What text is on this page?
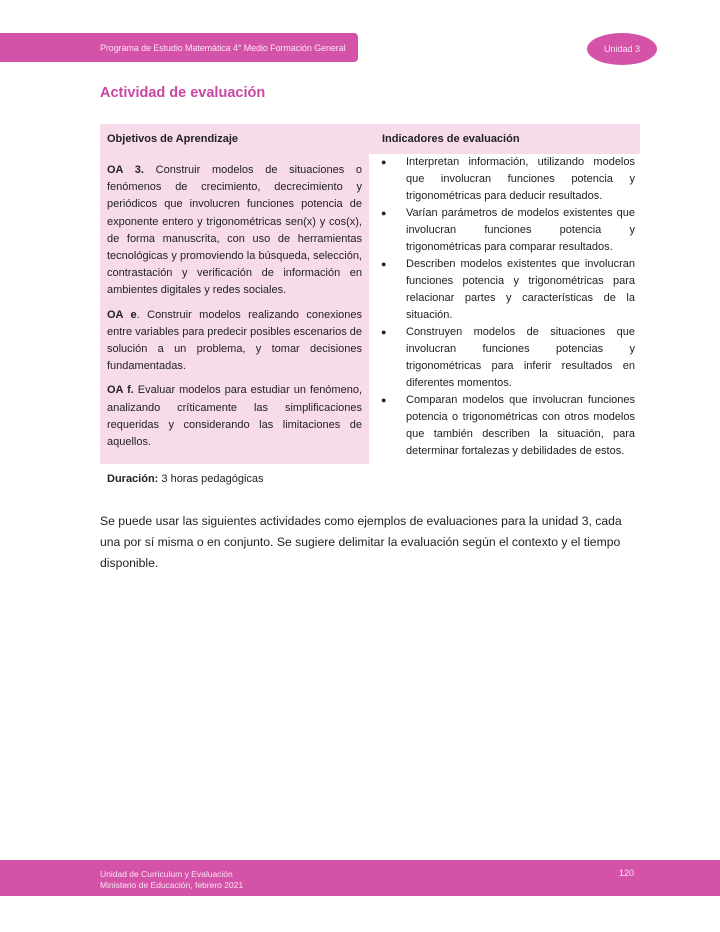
Programa de Estudio Matemática 4° Medio Formación General	Unidad 3
Actividad de evaluación
Objetivos de Aprendizaje	Indicadores de evaluación

OA 3. Construir modelos de situaciones o fenómenos de crecimiento, decrecimiento y periódicos que involucren funciones potencia de exponente entero y trigonométricas sen(x) y cos(x), de forma manuscrita, con uso de herramientas tecnológicas y promoviendo la búsqueda, selección, contrastación y verificación de información en ambientes digitales y redes sociales.

OA e. Construir modelos realizando conexiones entre variables para predecir posibles escenarios de solución a un problema, y tomar decisiones fundamentadas.

OA f. Evaluar modelos para estudiar un fenómeno, analizando críticamente las simplificaciones requeridas y considerando las limitaciones de aquellos.

● Interpretan información, utilizando modelos que involucran funciones potencia y trigonométricas para deducir resultados.
● Varían parámetros de modelos existentes que involucran funciones potencia y trigonométricas para comparar resultados.
● Describen modelos existentes que involucran funciones potencia y trigonométricas para relacionar partes y características de la situación.
● Construyen modelos de situaciones que involucran funciones potencias y trigonométricas para inferir resultados en diferentes momentos.
● Comparan modelos que involucran funciones potencia o trigonométricas con otros modelos que también describen la situación, para determinar fortalezas y debilidades de estos.
Duración: 3 horas pedagógicas
Se puede usar las siguientes actividades como ejemplos de evaluaciones para la unidad 3, cada una por sí misma o en conjunto. Se sugiere delimitar la evaluación según el contexto y el tiempo disponible.
Unidad de Curriculum y Evaluación
Ministerio de Educación, febrero 2021
120
